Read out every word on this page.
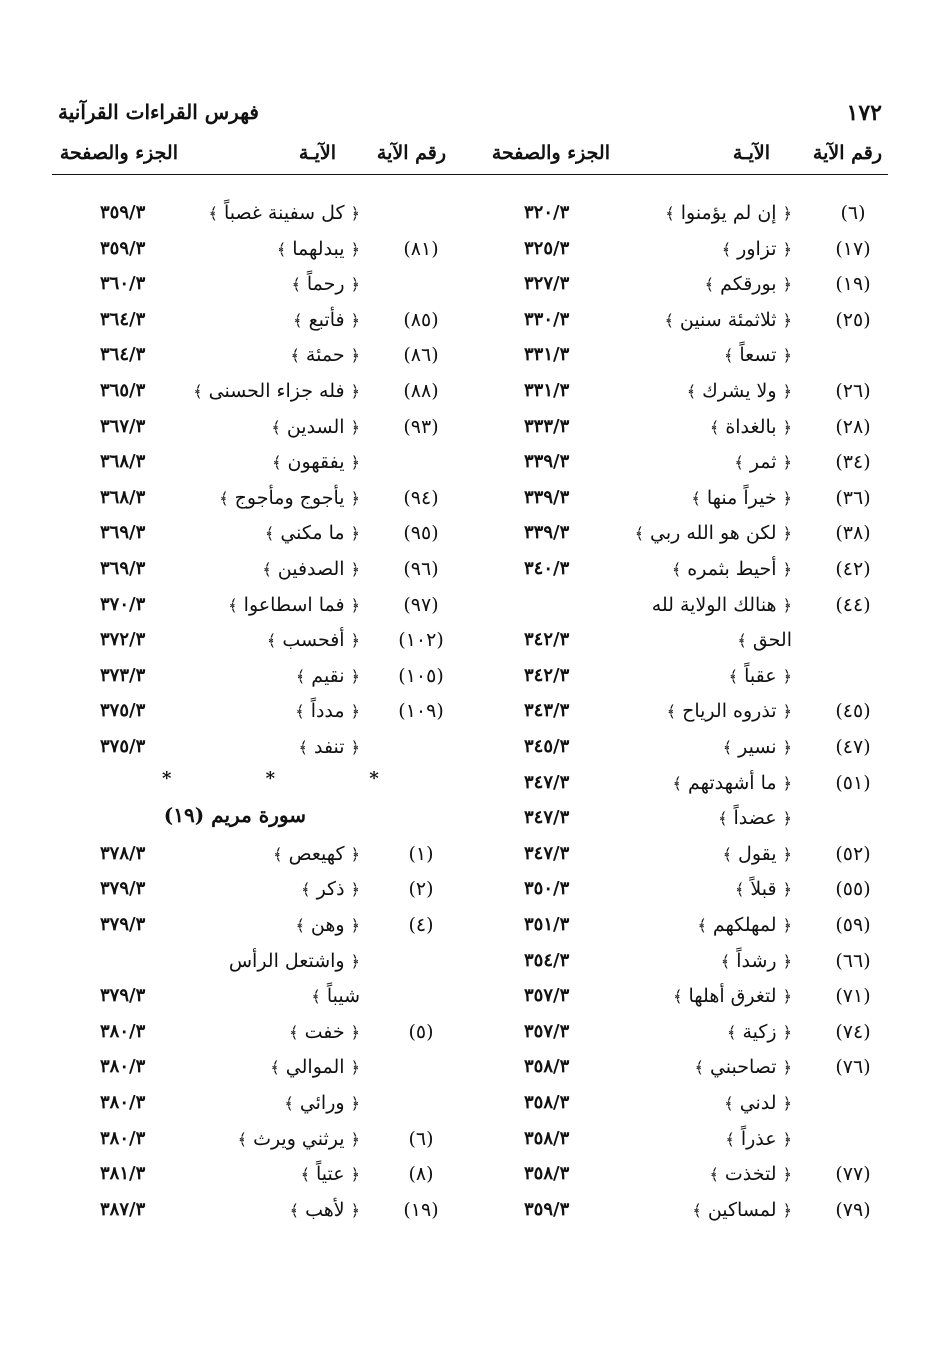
١٧٢
فهرس القراءات القرآنية
رقم الآية
الآيـة
الجزء والصفحة
رقم الآية
الآيـة
الجزء والصفحة
(٦)
﴿ إن لم يؤمنوا ﴾
٣٢٠/٣
(١٧)
﴿ تزاور ﴾
٣٢٥/٣
(١٩)
﴿ بورقكم ﴾
٣٢٧/٣
(٢٥)
﴿ ثلاثمئة سنين ﴾
٣٣٠/٣
﴿ تسعاً ﴾
٣٣١/٣
(٢٦)
﴿ ولا يشرك ﴾
٣٣١/٣
(٢٨)
﴿ بالغداة ﴾
٣٣٣/٣
(٣٤)
﴿ ثمر ﴾
٣٣٩/٣
(٣٦)
﴿ خيراً منها ﴾
٣٣٩/٣
(٣٨)
﴿ لكن هو الله ربي ﴾
٣٣٩/٣
(٤٢)
﴿ أحيط بثمره ﴾
٣٤٠/٣
(٤٤)
﴿ هنالك الولاية لله
الحق ﴾
٣٤٢/٣
﴿ عقباً ﴾
٣٤٢/٣
(٤٥)
﴿ تذروه الرياح ﴾
٣٤٣/٣
(٤٧)
﴿ نسير ﴾
٣٤٥/٣
(٥١)
﴿ ما أشهدتهم ﴾
٣٤٧/٣
﴿ عضداً ﴾
٣٤٧/٣
(٥٢)
﴿ يقول ﴾
٣٤٧/٣
(٥٥)
﴿ قبلاً ﴾
٣٥٠/٣
(٥٩)
﴿ لمهلكهم ﴾
٣٥١/٣
(٦٦)
﴿ رشداً ﴾
٣٥٤/٣
(٧١)
﴿ لتغرق أهلها ﴾
٣٥٧/٣
(٧٤)
﴿ زكية ﴾
٣٥٧/٣
(٧٦)
﴿ تصاحبني ﴾
٣٥٨/٣
﴿ لدني ﴾
٣٥٨/٣
﴿ عذراً ﴾
٣٥٨/٣
(٧٧)
﴿ لتخذت ﴾
٣٥٨/٣
(٧٩)
﴿ لمساكين ﴾
٣٥٩/٣
﴿ كل سفينة غصباً ﴾
٣٥٩/٣
(٨١)
﴿ يبدلهما ﴾
٣٥٩/٣
﴿ رحماً ﴾
٣٦٠/٣
(٨٥)
﴿ فأتبع ﴾
٣٦٤/٣
(٨٦)
﴿ حمئة ﴾
٣٦٤/٣
(٨٨)
﴿ فله جزاء الحسنى ﴾
٣٦٥/٣
(٩٣)
﴿ السدين ﴾
٣٦٧/٣
﴿ يفقهون ﴾
٣٦٨/٣
(٩٤)
﴿ يأجوج ومأجوج ﴾
٣٦٨/٣
(٩٥)
﴿ ما مكني ﴾
٣٦٩/٣
(٩٦)
﴿ الصدفين ﴾
٣٦٩/٣
(٩٧)
﴿ فما اسطاعوا ﴾
٣٧٠/٣
(١٠٢)
﴿ أفحسب ﴾
٣٧٢/٣
(١٠٥)
﴿ نقيم ﴾
٣٧٣/٣
(١٠٩)
﴿ مدداً ﴾
٣٧٥/٣
﴿ تنفد ﴾
٣٧٥/٣
* * *
سورة مريم (١٩)
(١)
﴿ كهيعص ﴾
٣٧٨/٣
(٢)
﴿ ذكر ﴾
٣٧٩/٣
(٤)
﴿ وهن ﴾
٣٧٩/٣
﴿ واشتعل الرأس
شيباً ﴾
٣٧٩/٣
(٥)
﴿ خفت ﴾
٣٨٠/٣
﴿ الموالي ﴾
٣٨٠/٣
﴿ ورائي ﴾
٣٨٠/٣
(٦)
﴿ يرثني ويرث ﴾
٣٨٠/٣
(٨)
﴿ عتياً ﴾
٣٨١/٣
(١٩)
﴿ لأهب ﴾
٣٨٧/٣
